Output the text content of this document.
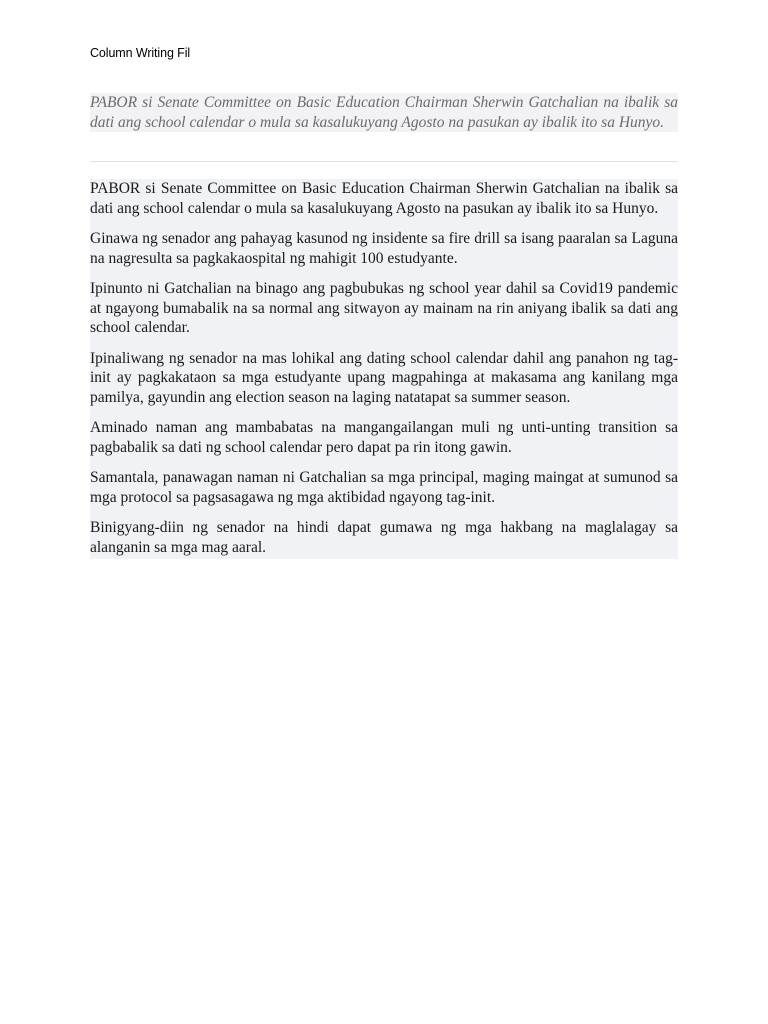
Column Writing Fil
PABOR si Senate Committee on Basic Education Chairman Sherwin Gatchalian na ibalik sa dati ang school calendar o mula sa kasalukuyang Agosto na pasukan ay ibalik ito sa Hunyo.

PABOR si Senate Committee on Basic Education Chairman Sherwin Gatchalian na ibalik sa dati ang school calendar o mula sa kasalukuyang Agosto na pasukan ay ibalik ito sa Hunyo.

Ginawa ng senador ang pahayag kasunod ng insidente sa fire drill sa isang paaralan sa Laguna na nagresulta sa pagkakaospital ng mahigit 100 estudyante.

Ipinunto ni Gatchalian na binago ang pagbubukas ng school year dahil sa Covid19 pandemic at ngayong bumabalik na sa normal ang sitwayon ay mainam na rin aniyang ibalik sa dati ang school calendar.

Ipinaliwang ng senador na mas lohikal ang dating school calendar dahil ang panahon ng tag-init ay pagkakataon sa mga estudyante upang magpahinga at makasama ang kanilang mga pamilya, gayundin ang election season na laging natatapat sa summer season.

Aminado naman ang mambabatas na mangangailangan muli ng unti-unting transition sa pagbabalik sa dati ng school calendar pero dapat pa rin itong gawin.

Samantala, panawagan naman ni Gatchalian sa mga principal, maging maingat at sumunod sa mga protocol sa pagsasagawa ng mga aktibidad ngayong tag-init.

Binigyang-diin ng senador na hindi dapat gumawa ng mga hakbang na maglalagay sa alanganin sa mga mag aaral.
